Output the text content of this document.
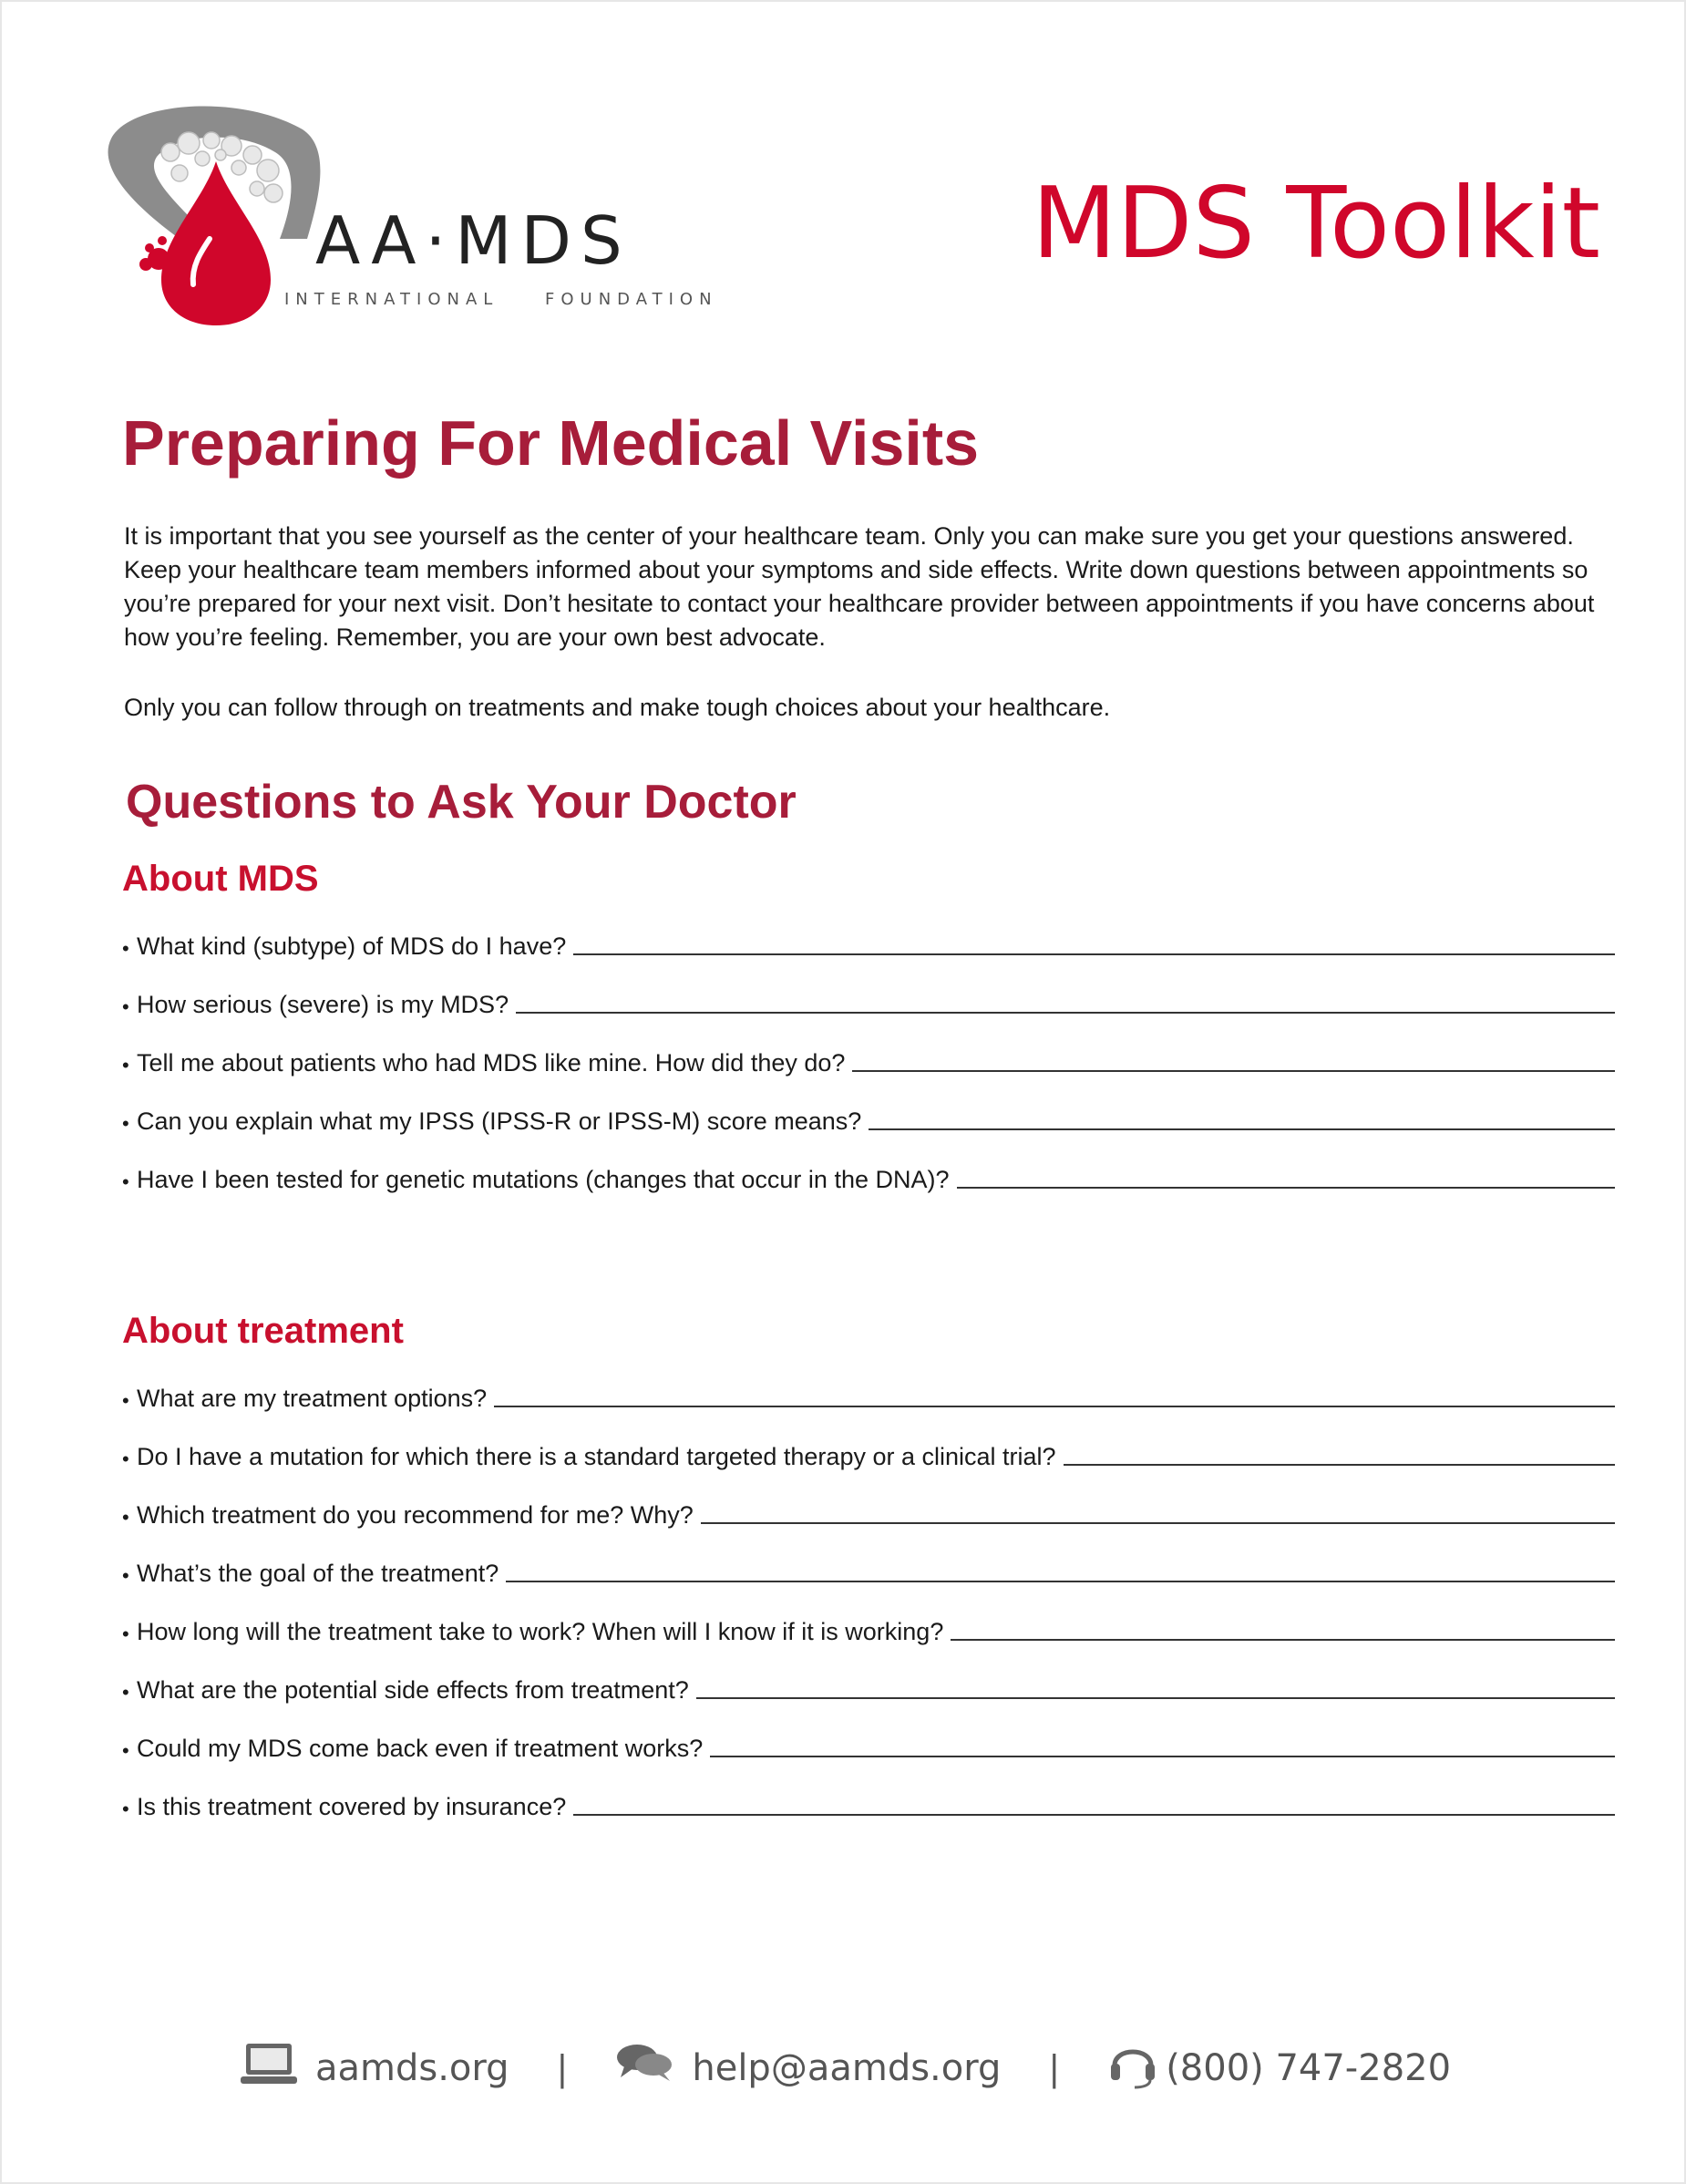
AA·MDS
INTERNATIONAL	FOUNDATION
MDS Toolkit
Preparing For Medical Visits
It is important that you see yourself as the center of your healthcare team. Only you can make sure you get your questions answered. Keep your healthcare team members informed about your symptoms and side effects. Write down questions between appointments so you’re prepared for your next visit. Don’t hesitate to contact your healthcare provider between appointments if you have concerns about how you’re feeling. Remember, you are your own best advocate.
Only you can follow through on treatments and make tough choices about your healthcare.
Questions to Ask Your Doctor
About MDS
• What kind (subtype) of MDS do I have?
• How serious (severe) is my MDS?
• Tell me about patients who had MDS like mine. How did they do?
• Can you explain what my IPSS (IPSS-R or IPSS-M) score means?
• Have I been tested for genetic mutations (changes that occur in the DNA)?
About treatment
• What are my treatment options?
• Do I have a mutation for which there is a standard targeted therapy or a clinical trial?
• Which treatment do you recommend for me? Why?
• What’s the goal of the treatment?
• How long will the treatment take to work? When will I know if it is working?
• What are the potential side effects from treatment?
• Could my MDS come back even if treatment works?
• Is this treatment covered by insurance?
aamds.org |	help@aamds.org |	(800) 747-2820
